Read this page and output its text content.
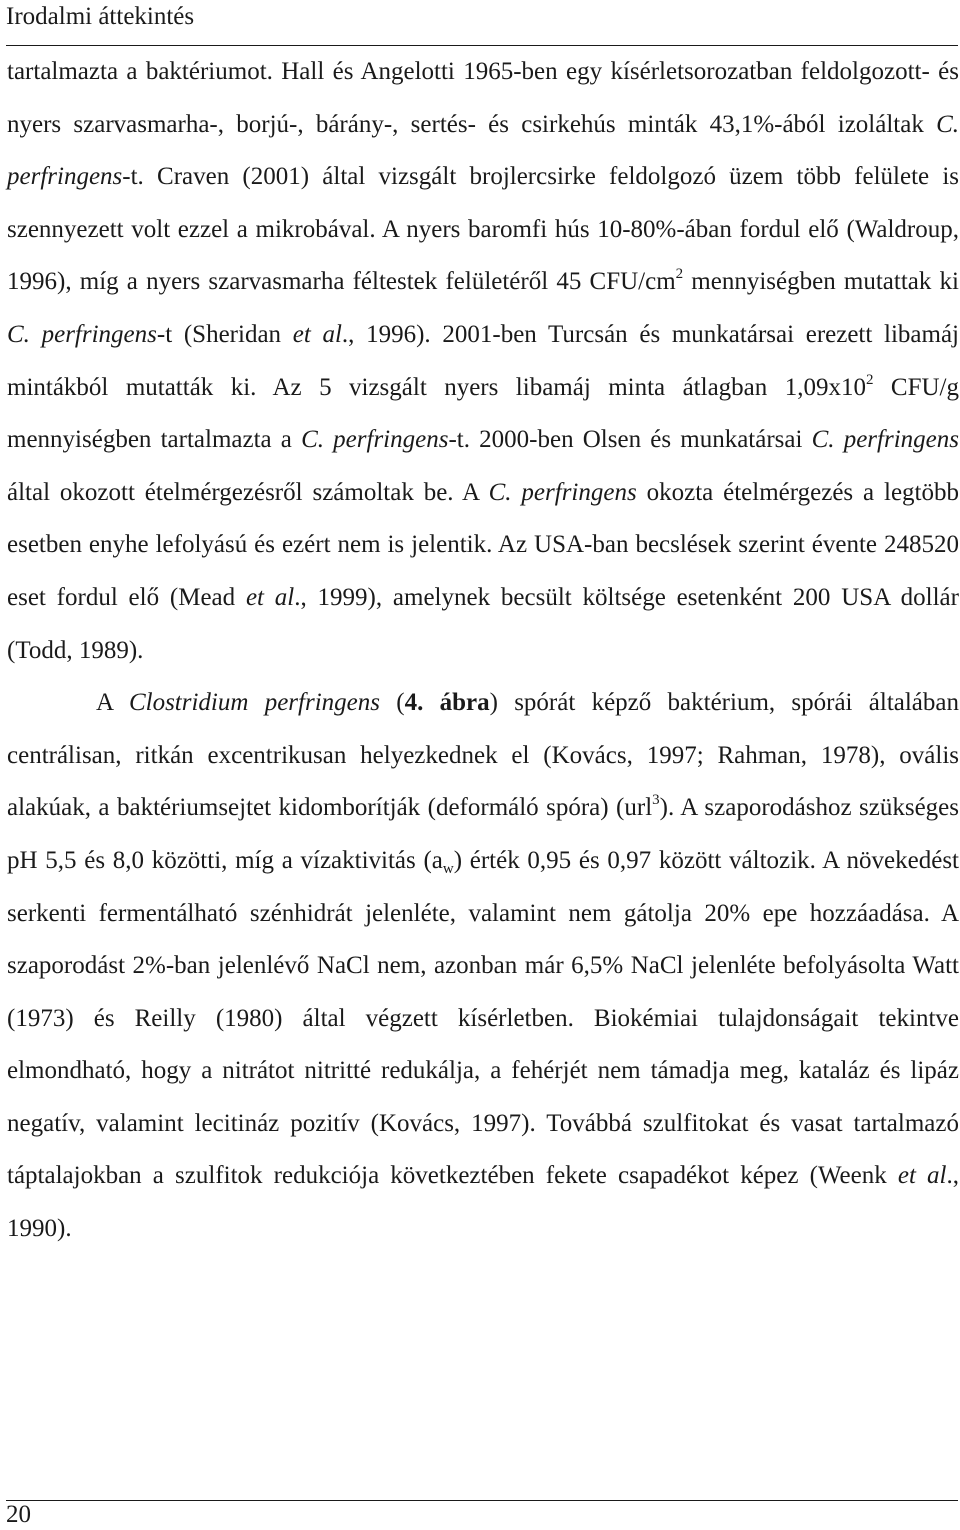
Irodalmi áttekintés

tartalmazta a baktériumot. Hall és Angelotti 1965-ben egy kísérletsorozatban feldolgozott- és nyers szarvasmarha-, borjú-, bárány-, sertés- és csirkehús minták 43,1%-ából izoláltak C. perfringens-t. Craven (2001) által vizsgált brojlercsirke feldolgozó üzem több felülete is szennyezett volt ezzel a mikrobával. A nyers baromfi hús 10-80%-ában fordul elő (Waldroup, 1996), míg a nyers szarvasmarha féltestek felületéről 45 CFU/$cm^2$ mennyiségben mutattak ki C. perfringens-t (Sheridan et al., 1996). 2001-ben Turcsán és munkatársai erezett libamáj mintákból mutatták ki. Az 5 vizsgált nyers libamáj minta átlagban $1,09x10^2$ CFU/g mennyiségben tartalmazta a C. perfringens-t. 2000-ben Olsen és munkatársai C. perfringens által okozott ételmérgezésről számoltak be. A C. perfringens okozta ételmérgezés a legtöbb esetben enyhe lefolyású és ezért nem is jelentik. Az USA-ban becslések szerint évente 248520 eset fordul elő (Mead et al., 1999), amelynek becsült költsége esetenként 200 USA dollár (Todd, 1989).

A Clostridium perfringens (4. ábra) spórát képző baktérium, spórái általában centrálisan, ritkán excentrikusan helyezkednek el (Kovács, 1997; Rahman, 1978), ovális alakúak, a baktériumsejtet kidomborítják (deformáló spóra) (url$^3$). A szaporodáshoz szükséges pH 5,5 és 8,0 közötti, míg a vízaktivitás $(a_w)$ érték 0,95 és 0,97 között változik. A növekedést serkenti fermentálható szénhidrát jelenléte, valamint nem gátolja 20% epe hozzáadása. A szaporodást 2%-ban jelenlévő NaCl nem, azonban már 6,5% NaCl jelenléte befolyásolta Watt (1973) és Reilly (1980) által végzett kísérletben. Biokémiai tulajdonságait tekintve elmondható, hogy a nitrátot nitritté redukálja, a fehérjét nem támadja meg, kataláz és lipáz negatív, valamint lecitináz pozitív (Kovács, 1997). Továbbá szulfitokat és vasat tartalmazó táptalajokban a szulfitok redukciója következtében fekete csapadékot képez (Weenk et al., 1990).

20
